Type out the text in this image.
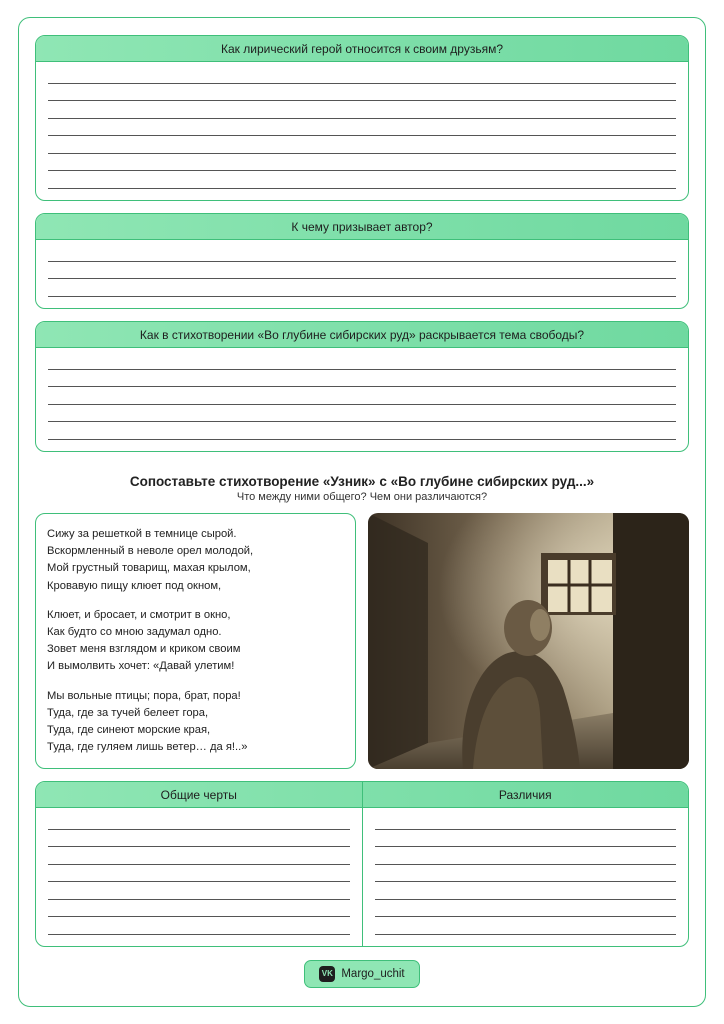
Как лирический герой относится к своим друзьям?
К чему призывает автор?
Как в стихотворении «Во глубине сибирских руд» раскрывается тема свободы?
Сопоставьте стихотворение «Узник» с «Во глубине сибирских руд...»
Что между ними общего? Чем они различаются?
Сижу за решеткой в темнице сырой.
Вскормленный в неволе орел молодой,
Мой грустный товарищ, махая крылом,
Кровавую пищу клюет под окном,
Клюет, и бросает, и смотрит в окно,
Как будто со мною задумал одно.
Зовет меня взглядом и криком своим
И вымолвить хочет: «Давай улетим!
Мы вольные птицы; пора, брат, пора!
Туда, где за тучей белеет гора,
Туда, где синеют морские края,
Туда, где гуляем лишь ветер… да я!..»
Общие черты	Различия
VK Margo_uchit
